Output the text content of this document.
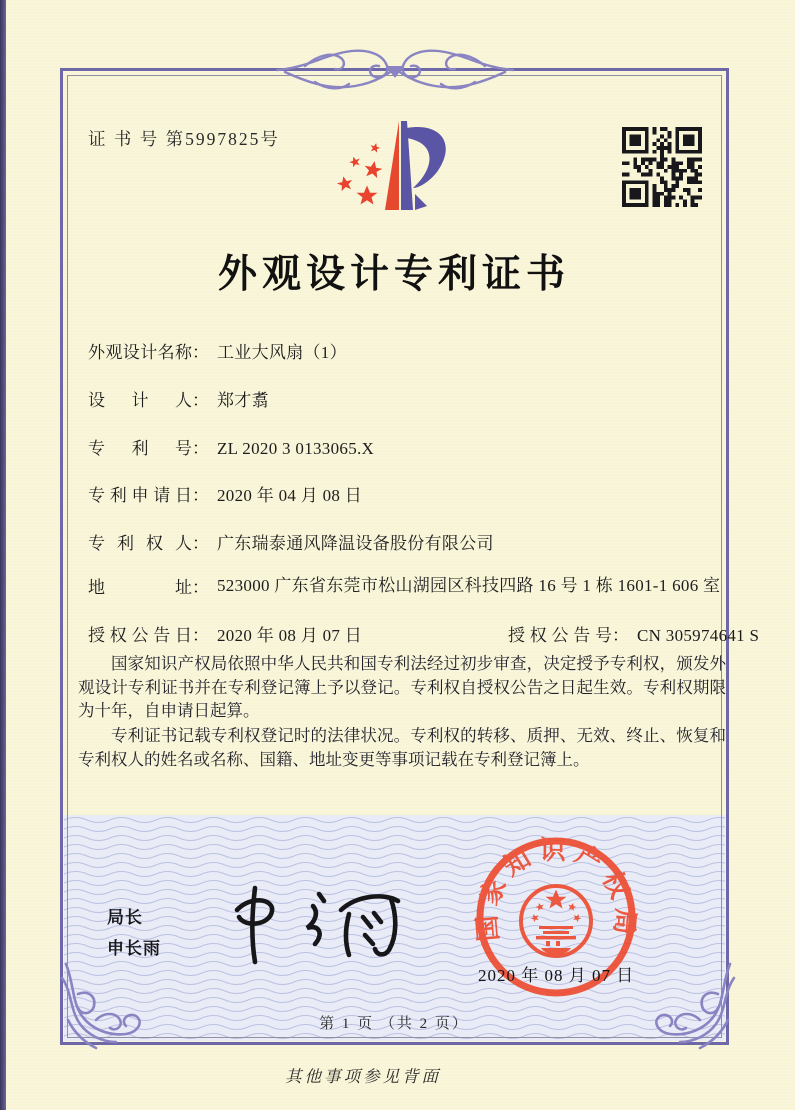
证 书 号 第5997825号
外观设计专利证书
外观设计名称： 工业大风扇（1）
设计人： 郑才翥
专利号： ZL 2020 3 0133065.X
专利申请日： 2020 年 04 月 08 日
专利权人： 广东瑞泰通风降温设备股份有限公司
地址： 523000 广东省东莞市松山湖园区科技四路 16 号 1 栋 1601-1 606 室
授权公告日： 2020 年 08 月 07 日	授权公告号： CN 305974641 S
国家知识产权局依照中华人民共和国专利法经过初步审查，决定授予专利权，颁发外观设计专利证书并在专利登记簿上予以登记。专利权自授权公告之日起生效。专利权期限为十年，自申请日起算。
专利证书记载专利权登记时的法律状况。专利权的转移、质押、无效、终止、恢复和专利权人的姓名或名称、国籍、地址变更等事项记载在专利登记簿上。
局长
申长雨
2020 年 08 月 07 日
国家知识产权局
第 1 页 （共 2 页）
其他事项参见背面
